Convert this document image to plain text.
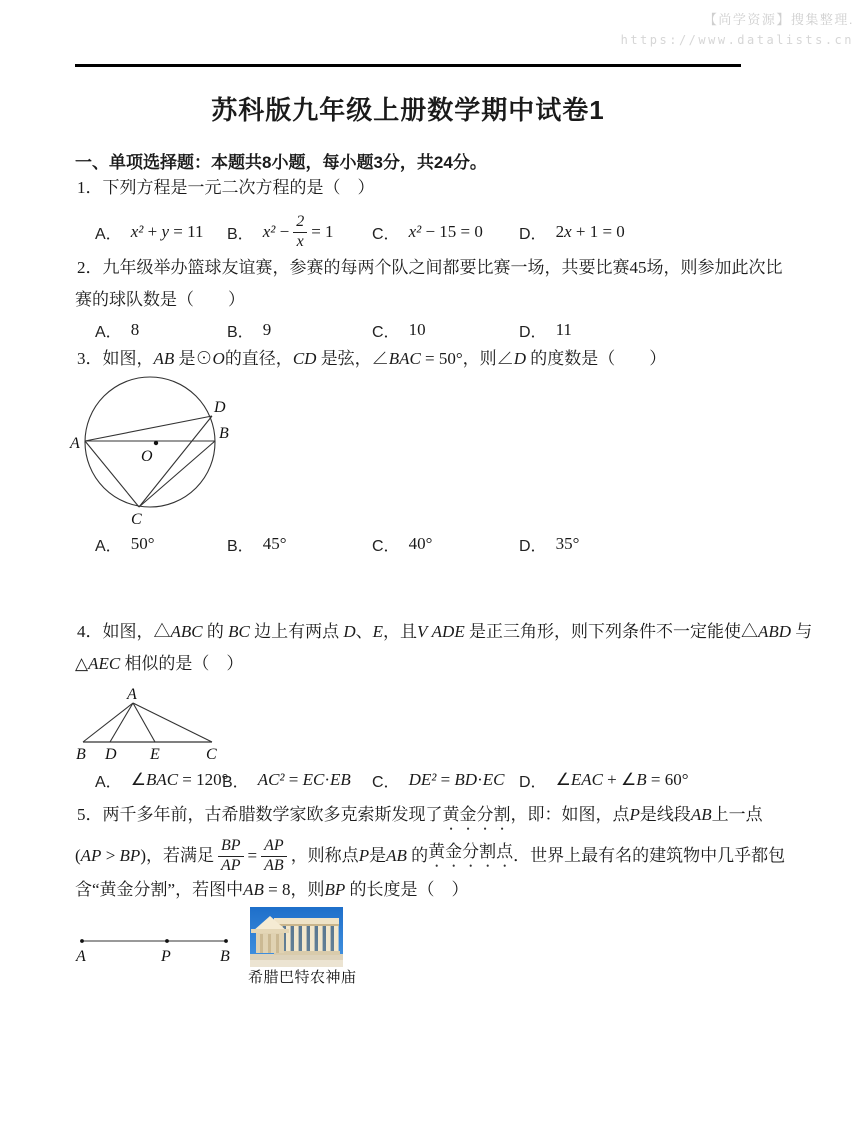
【尚学资源】搜集整理.
https://www.datalists.cn
苏科版九年级上册数学期中试卷1
一、单项选择题：本题共8小题，每小题3分，共24分。
1．下列方程是一元二次方程的是（　）
A． x² + y = 11 B． $x^2 - \frac{2}{x} = 1$ C． x² − 15 = 0 D． 2x + 1 = 0
2．九年级举办篮球友谊赛，参赛的每两个队之间都要比赛一场，共要比赛45场，则参加此次比
赛的球队数是（　　）
A． 8	B． 9	C． 10	D． 11
3．如图，AB 是⊙O的直径，CD 是弦，∠BAC = 50°，则∠D 的度数是（　　）
A
B
D
C
O
A． 50°	B． 45°	C． 40°	D． 35°
4．如图，△ABC 的 BC 边上有两点 D、E，且V ADE 是正三角形，则下列条件不一定能使△ABD 与
△AEC 相似的是（　）
A
B D E	C
A． ∠BAC = 120°
B． AC² = EC·EB C． DE² = BD·EC D． ∠EAC + ∠B = 60°
5．两千多年前，古希腊数学家欧多克索斯发现了黄金分割，即：如图，点P是线段AB上一点
(AP > BP)，若满足 $\frac{BP}{AP} = \frac{AP}{AB}$ ，则称点P是AB 的 黄金分割点 ．世界上最有名的建筑物中几乎都包
含“黄金分割”，若图中AB = 8，则BP 的长度是（　）
A	P	B
希腊巴特农神庙
